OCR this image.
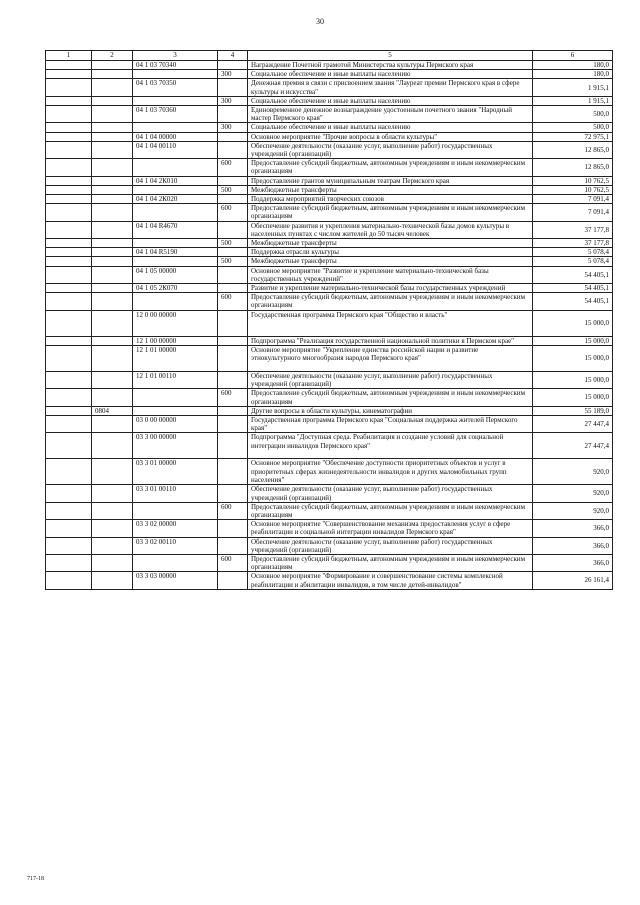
30
1	2	3	4	5	6
		04 1 03 70340		Награждение Почетной грамотой Министерства культуры Пермского края	180,0
			300	Социальное обеспечение и иные выплаты населению	180,0
		04 1 03 70350		Денежная премия в связи с присвоением звания "Лауреат премии Пермского края в сфере культуры и искусства"	1 915,1
			300	Социальное обеспечение и иные выплаты населению	1 915,1
		04 1 03 70360		Единовременное денежное вознаграждение удостоенным почетного звания "Народный мастер Пермского края"	500,0
			300	Социальное обеспечение и иные выплаты населению	500,0
		04 1 04 00000		Основное мероприятие "Прочие вопросы в области культуры"	72 975,1
		04 1 04 00110		Обеспечение деятельности (оказание услуг, выполнение работ) государственных учреждений (организаций)	12 865,0
			600	Предоставление субсидий бюджетным, автономным учреждениям и иным некоммерческим организациям	12 865,0
		04 1 04 2К010		Предоставление грантов муниципальным театрам Пермского края	10 762,5
			500	Межбюджетные трансферты	10 762,5
		04 1 04 2К020		Поддержка мероприятий творческих союзов	7 091,4
			600	Предоставление субсидий бюджетным, автономным учреждениям и иным некоммерческим организациям	7 091,4
		04 1 04 R4670		Обеспечение развития и укрепления материально-технической базы домов культуры в населенных пунктах с числом жителей до 50 тысяч человек	37 177,8
			500	Межбюджетные трансферты	37 177,8
		04 1 04 R5190		Поддержка отрасли культуры	5 078,4
			500	Межбюджетные трансферты	5 078,4
		04 1 05 00000		Основное мероприятие "Развитие и укрепление материально-технической базы государственных учреждений"	54 405,1
		04 1 05 2К070		Развитие и укрепление материально-технической базы государственных учреждений	54 405,1
			600	Предоставление субсидий бюджетным, автономным учреждениям и иным некоммерческим организациям	54 405,1
		12 0 00 00000		Государственная программа Пермского края "Общество и власть"	15 000,0
		12 1 00 00000		Подпрограмма "Реализация государственной национальной политики в Пермском крае"	15 000,0
		12 1 01 00000		Основное мероприятие "Укрепление единства российской нации и развитие этнокультурного многообразия народов Пермского края"	15 000,0
		12 1 01 00110		Обеспечение деятельности (оказание услуг, выполнение работ) государственных учреждений (организаций)	15 000,0
			600	Предоставление субсидий бюджетным, автономным учреждениям и иным некоммерческим организациям	15 000,0
	0804			Другие вопросы в области культуры, кинематографии	55 189,0
		03 0 00 00000		Государственная программа Пермского края "Социальная поддержка жителей Пермского края"	27 447,4
		03 3 00 00000		Подпрограмма "Доступная среда. Реабилитация и создание условий для социальной интеграции инвалидов Пермского края"	27 447,4
		03 3 01 00000		Основное мероприятие "Обеспечение доступности приоритетных объектов и услуг в приоритетных сферах жизнедеятельности инвалидов и других маломобильных групп населения"	920,0
		03 3 01 00110		Обеспечение деятельности (оказание услуг, выполнение работ) государственных учреждений (организаций)	920,0
			600	Предоставление субсидий бюджетным, автономным учреждениям и иным некоммерческим организациям	920,0
		03 3 02 00000		Основное мероприятие "Совершенствование механизма предоставления услуг в сфере реабилитации и социальной интеграции инвалидов Пермского края"	366,0
		03 3 02 00110		Обеспечение деятельности (оказание услуг, выполнение работ) государственных учреждений (организаций)	366,0
			600	Предоставление субсидий бюджетным, автономным учреждениям и иным некоммерческим организациям	366,0
		03 3 03 00000		Основное мероприятие "Формирование и совершенствование системы комплексной реабилитации и абилитации инвалидов, в том числе детей-инвалидов"	26 161,4
717-18
